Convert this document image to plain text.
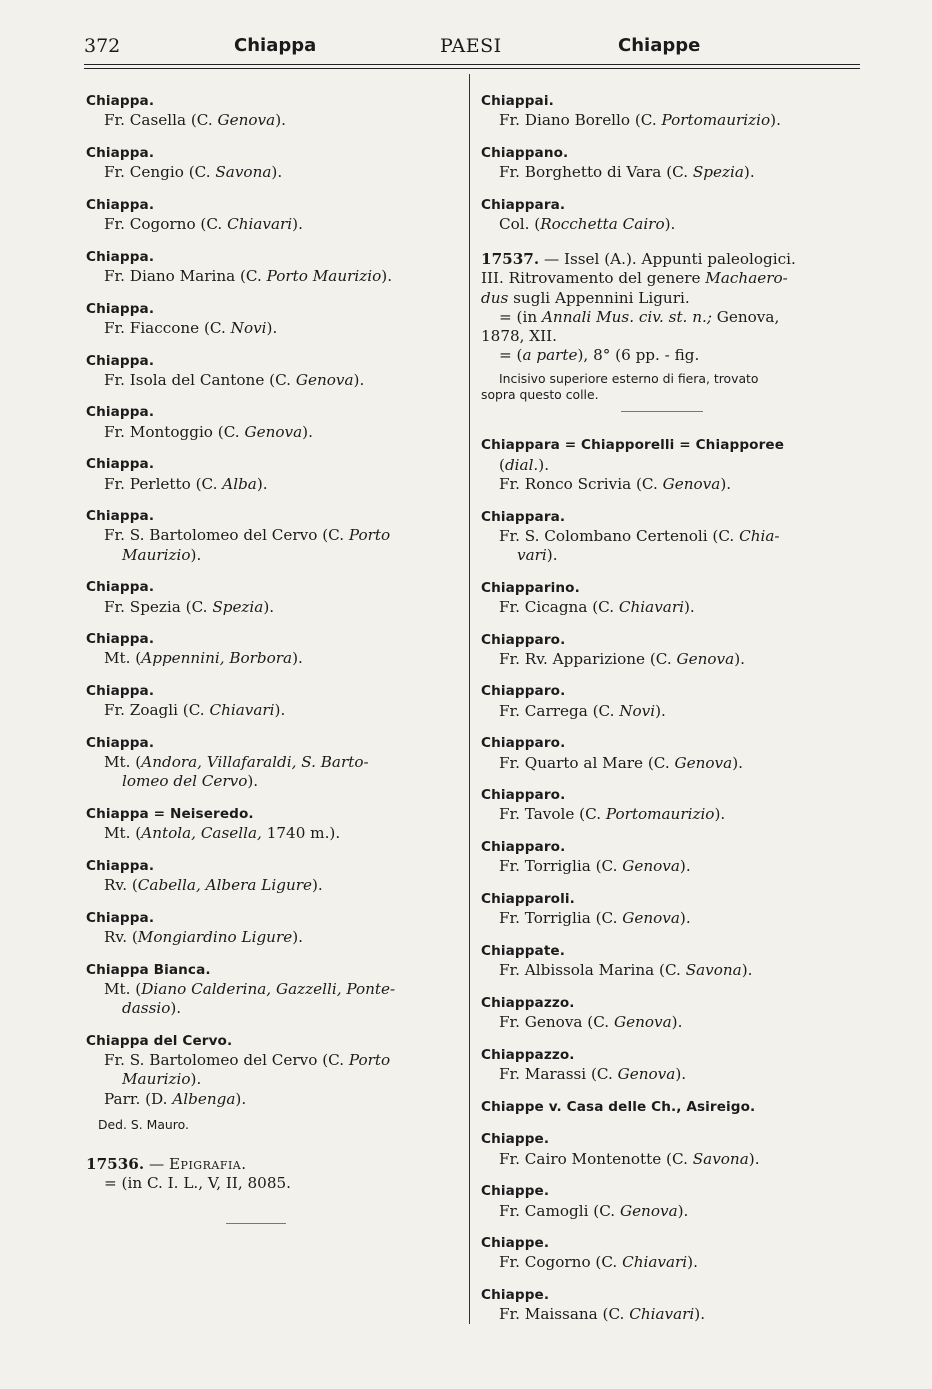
372	Chiappa	PAESI	Chiappe
Chiappa.
Fr. Casella (C. Genova).
Chiappa.
Fr. Cengio (C. Savona).
Chiappa.
Fr. Cogorno (C. Chiavari).
Chiappa.
Fr. Diano Marina (C. Porto Maurizio).
Chiappa.
Fr. Fiaccone (C. Novi).
Chiappa.
Fr. Isola del Cantone (C. Genova).
Chiappa.
Fr. Montoggio (C. Genova).
Chiappa.
Fr. Perletto (C. Alba).
Chiappa.
Fr. S. Bartolomeo del Cervo (C. Porto
Maurizio).
Chiappa.
Fr. Spezia (C. Spezia).
Chiappa.
Mt. (Appennini, Borbora).
Chiappa.
Fr. Zoagli (C. Chiavari).
Chiappa.
Mt. (Andora, Villafaraldi, S. Barto-
lomeo del Cervo).
Chiappa = Neiseredo.
Mt. (Antola, Casella, 1740 m.).
Chiappa.
Rv. (Cabella, Albera Ligure).
Chiappa.
Rv. (Mongiardino Ligure).
Chiappa Bianca.
Mt. (Diano Calderina, Gazzelli, Ponte-
dassio).
Chiappa del Cervo.
Fr. S. Bartolomeo del Cervo (C. Porto
Maurizio).
Parr. (D. Albenga).
Ded. S. Mauro.
17536. — Epigrafia.
= (in C. I. L., V, II, 8085.
Chiappai.
Fr. Diano Borello (C. Portomaurizio).
Chiappano.
Fr. Borghetto di Vara (C. Spezia).
Chiappara.
Col. (Rocchetta Cairo).
17537. — Issel (A.). Appunti paleologici.
III. Ritrovamento del genere Machaero-
dus sugli Appennini Liguri.
= (in Annali Mus. civ. st. n.; Genova,
1878, XII.
= (a parte), 8° (6 pp. - fig.
Incisivo superiore esterno di fiera, trovato
sopra questo colle.
Chiappara = Chiapporelli = Chiapporee
(dial.).
Fr. Ronco Scrivia (C. Genova).
Chiappara.
Fr. S. Colombano Certenoli (C. Chia-
vari).
Chiapparino.
Fr. Cicagna (C. Chiavari).
Chiapparo.
Fr. Rv. Apparizione (C. Genova).
Chiapparo.
Fr. Carrega (C. Novi).
Chiapparo.
Fr. Quarto al Mare (C. Genova).
Chiapparo.
Fr. Tavole (C. Portomaurizio).
Chiapparo.
Fr. Torriglia (C. Genova).
Chiapparoli.
Fr. Torriglia (C. Genova).
Chiappate.
Fr. Albissola Marina (C. Savona).
Chiappazzo.
Fr. Genova (C. Genova).
Chiappazzo.
Fr. Marassi (C. Genova).
Chiappe v. Casa delle Ch., Asireigo.
Chiappe.
Fr. Cairo Montenotte (C. Savona).
Chiappe.
Fr. Camogli (C. Genova).
Chiappe.
Fr. Cogorno (C. Chiavari).
Chiappe.
Fr. Maissana (C. Chiavari).
